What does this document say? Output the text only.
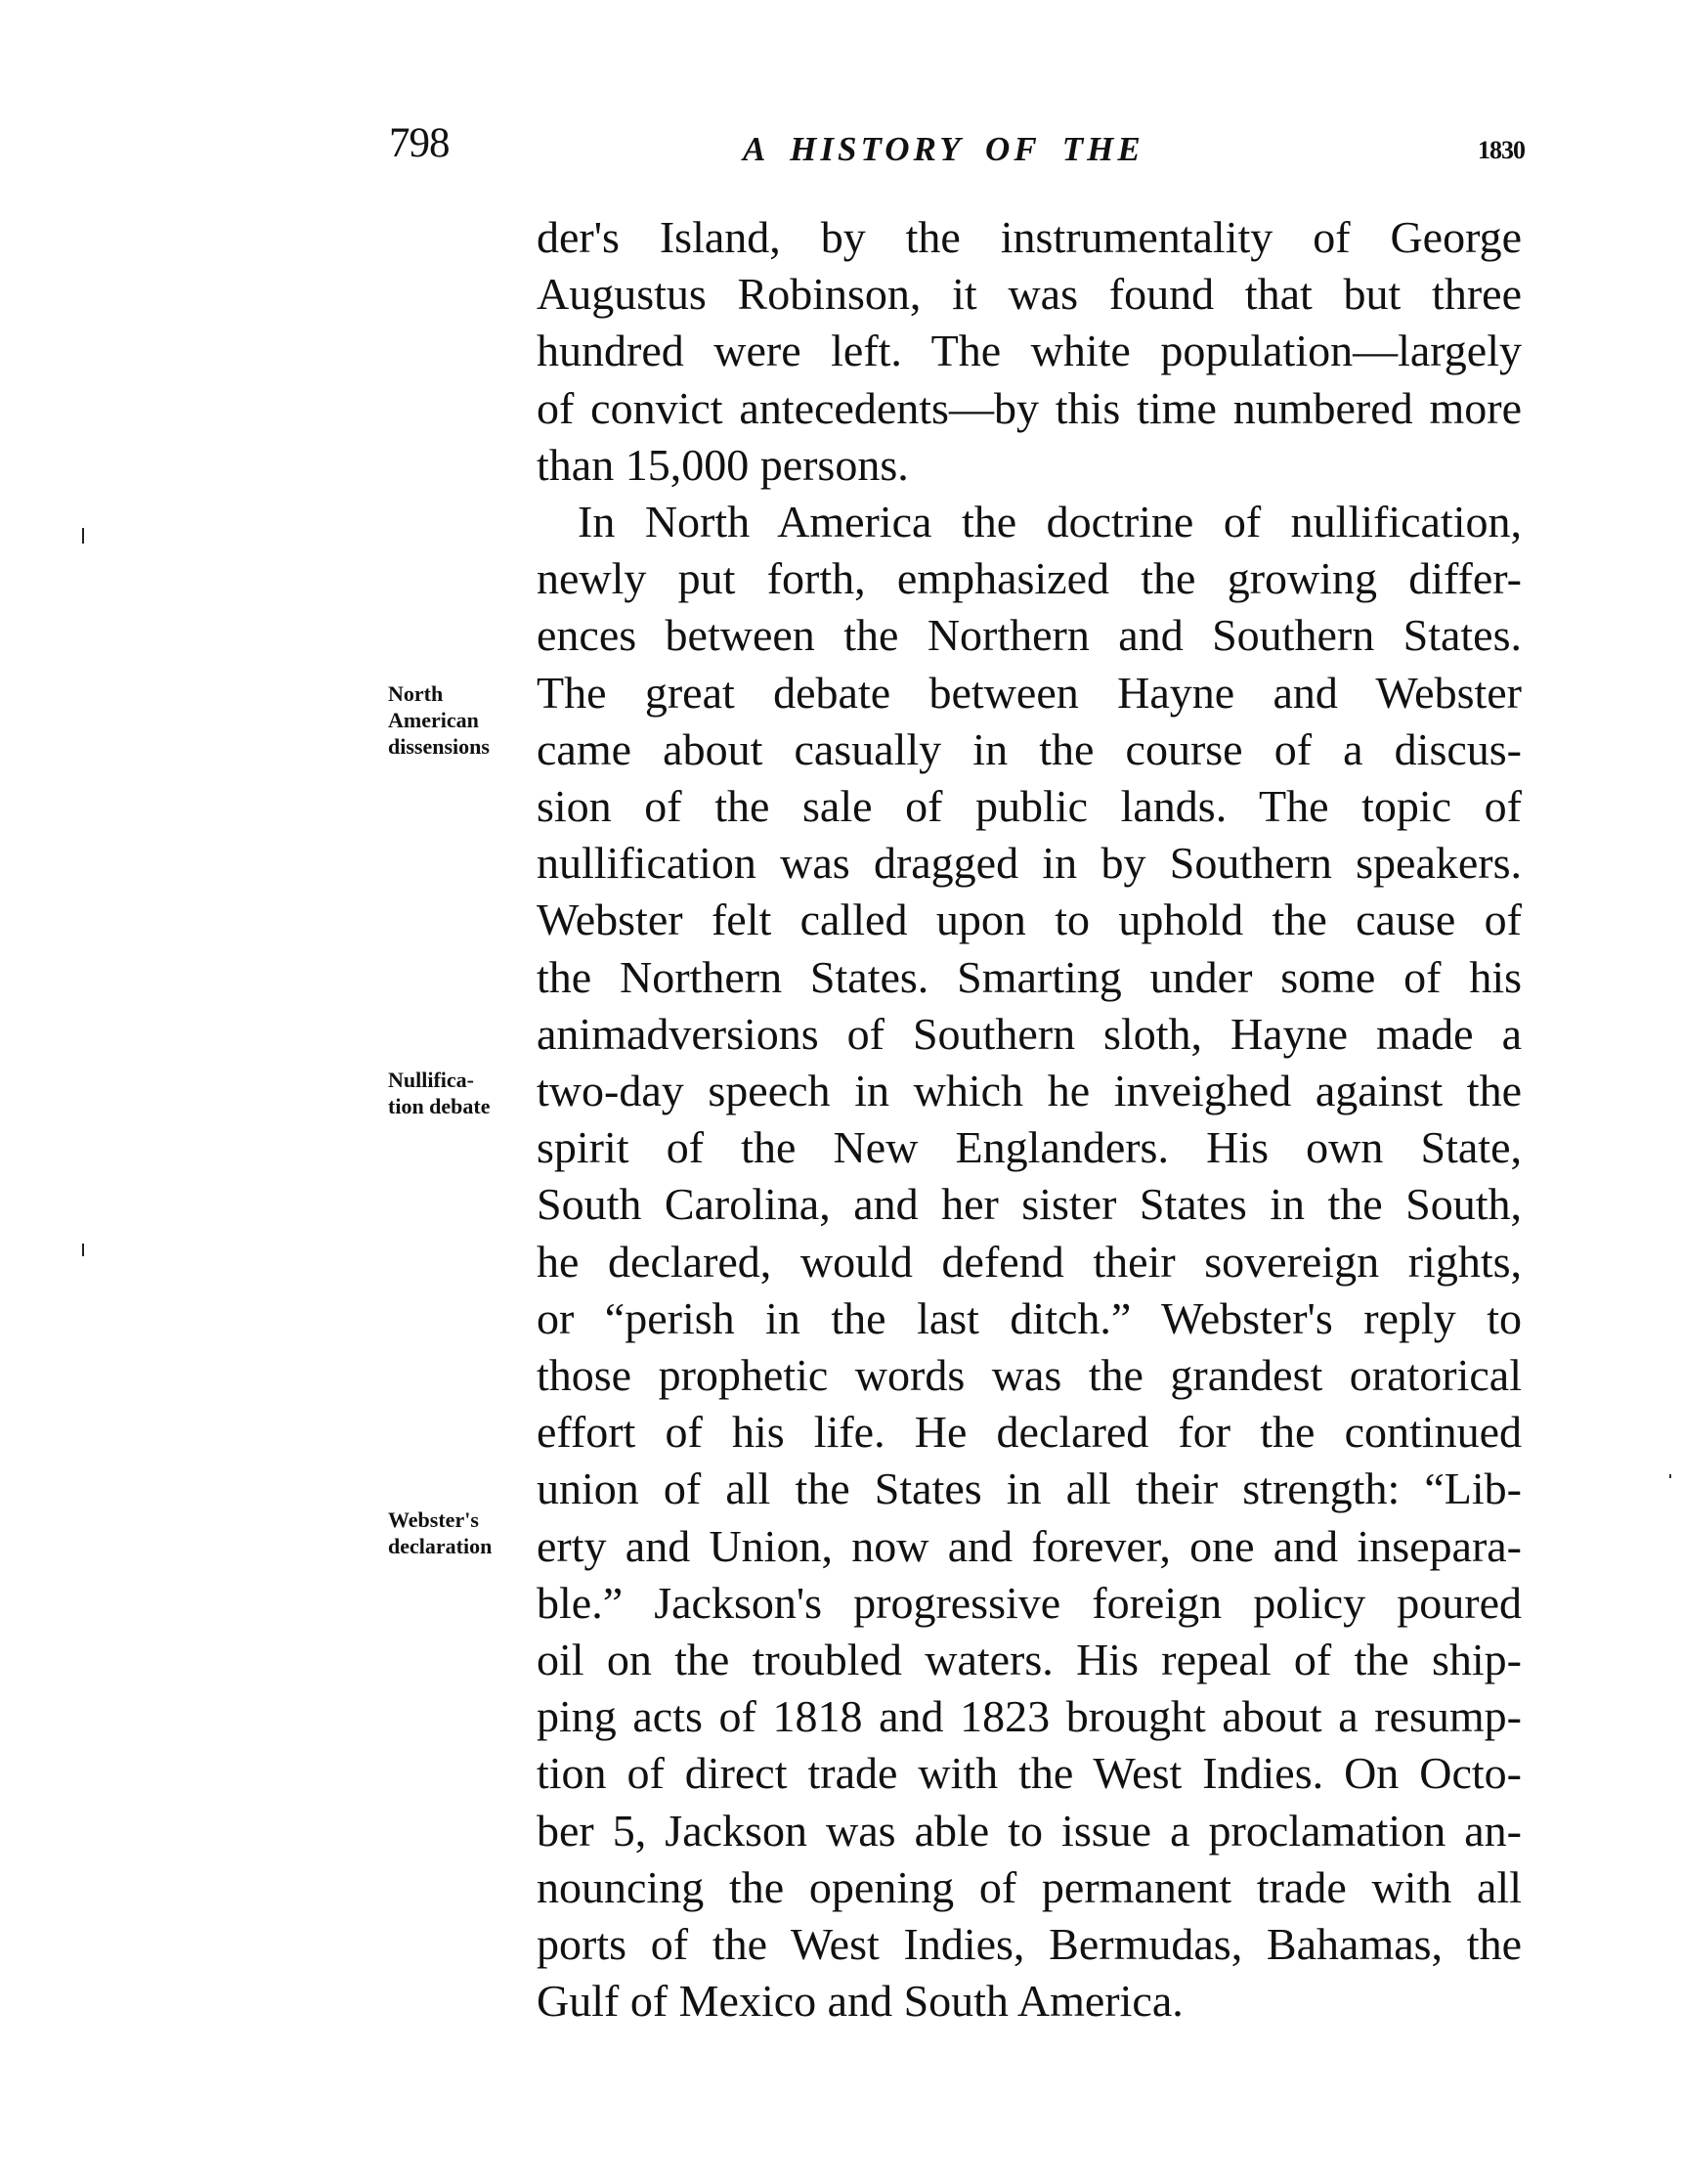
798	A HISTORY OF THE	1830
North
American
dissensions
Nullifica-
tion debate
Webster's
declaration
der's Island, by the instrumentality of George
Augustus Robinson, it was found that but three
hundred were left. The white population—largely
of convict antecedents—by this time numbered more
than 15,000 persons.
In North America the doctrine of nullification,
newly put forth, emphasized the growing differ-
ences between the Northern and Southern States.
The great debate between Hayne and Webster
came about casually in the course of a discus-
sion of the sale of public lands. The topic of
nullification was dragged in by Southern speakers.
Webster felt called upon to uphold the cause of
the Northern States. Smarting under some of his
animadversions of Southern sloth, Hayne made a
two-day speech in which he inveighed against the
spirit of the New Englanders. His own State,
South Carolina, and her sister States in the South,
he declared, would defend their sovereign rights,
or “perish in the last ditch.” Webster's reply to
those prophetic words was the grandest oratorical
effort of his life. He declared for the continued
union of all the States in all their strength: “Lib-
erty and Union, now and forever, one and insepara-
ble.” Jackson's progressive foreign policy poured
oil on the troubled waters. His repeal of the ship-
ping acts of 1818 and 1823 brought about a resump-
tion of direct trade with the West Indies. On Octo-
ber 5, Jackson was able to issue a proclamation an-
nouncing the opening of permanent trade with all
ports of the West Indies, Bermudas, Bahamas, the
Gulf of Mexico and South America.
